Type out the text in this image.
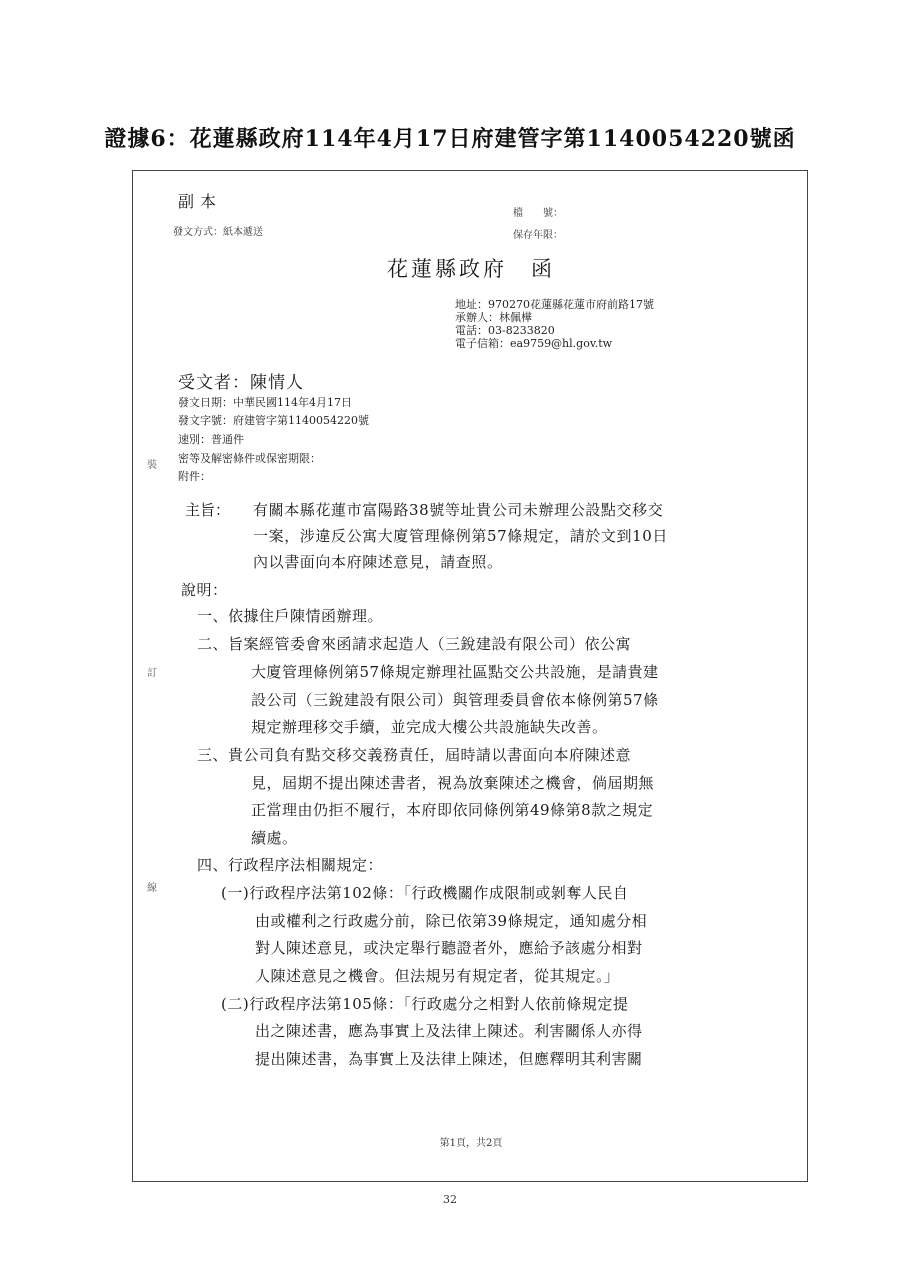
證據6：花蓮縣政府114年4月17日府建管字第1140054220號函
副本
發文方式：紙本遞送
檔　　號：
保存年限：
花蓮縣政府　函
地址：970270花蓮縣花蓮市府前路17號
承辦人：林佩樺
電話：03-8233820
電子信箱：ea9759@hl.gov.tw
受文者：陳情人
發文日期：中華民國114年4月17日
發文字號：府建管字第1140054220號
速別：普通件
密等及解密條件或保密期限：
附件：
裝
訂
線
主旨： 有關本縣花蓮市富陽路38號等址貴公司未辦理公設點交移交
一案，涉違反公寓大廈管理條例第57條規定，請於文到10日
內以書面向本府陳述意見，請查照。
說明：
一、依據住戶陳情函辦理。
二、旨案經管委會來函請求起造人（三銳建設有限公司）依公寓
大廈管理條例第57條規定辦理社區點交公共設施，是請貴建
設公司（三銳建設有限公司）與管理委員會依本條例第57條
規定辦理移交手續，並完成大樓公共設施缺失改善。
三、貴公司負有點交移交義務責任，屆時請以書面向本府陳述意
見，屆期不提出陳述書者，視為放棄陳述之機會，倘屆期無
正當理由仍拒不履行，本府即依同條例第49條第8款之規定
續處。
四、行政程序法相關規定：
(一)行政程序法第102條：「行政機關作成限制或剝奪人民自
由或權利之行政處分前，除已依第39條規定，通知處分相
對人陳述意見，或決定舉行聽證者外，應給予該處分相對
人陳述意見之機會。但法規另有規定者，從其規定。」
(二)行政程序法第105條：「行政處分之相對人依前條規定提
出之陳述書，應為事實上及法律上陳述。利害關係人亦得
提出陳述書，為事實上及法律上陳述，但應釋明其利害關
第1頁，共2頁
32
